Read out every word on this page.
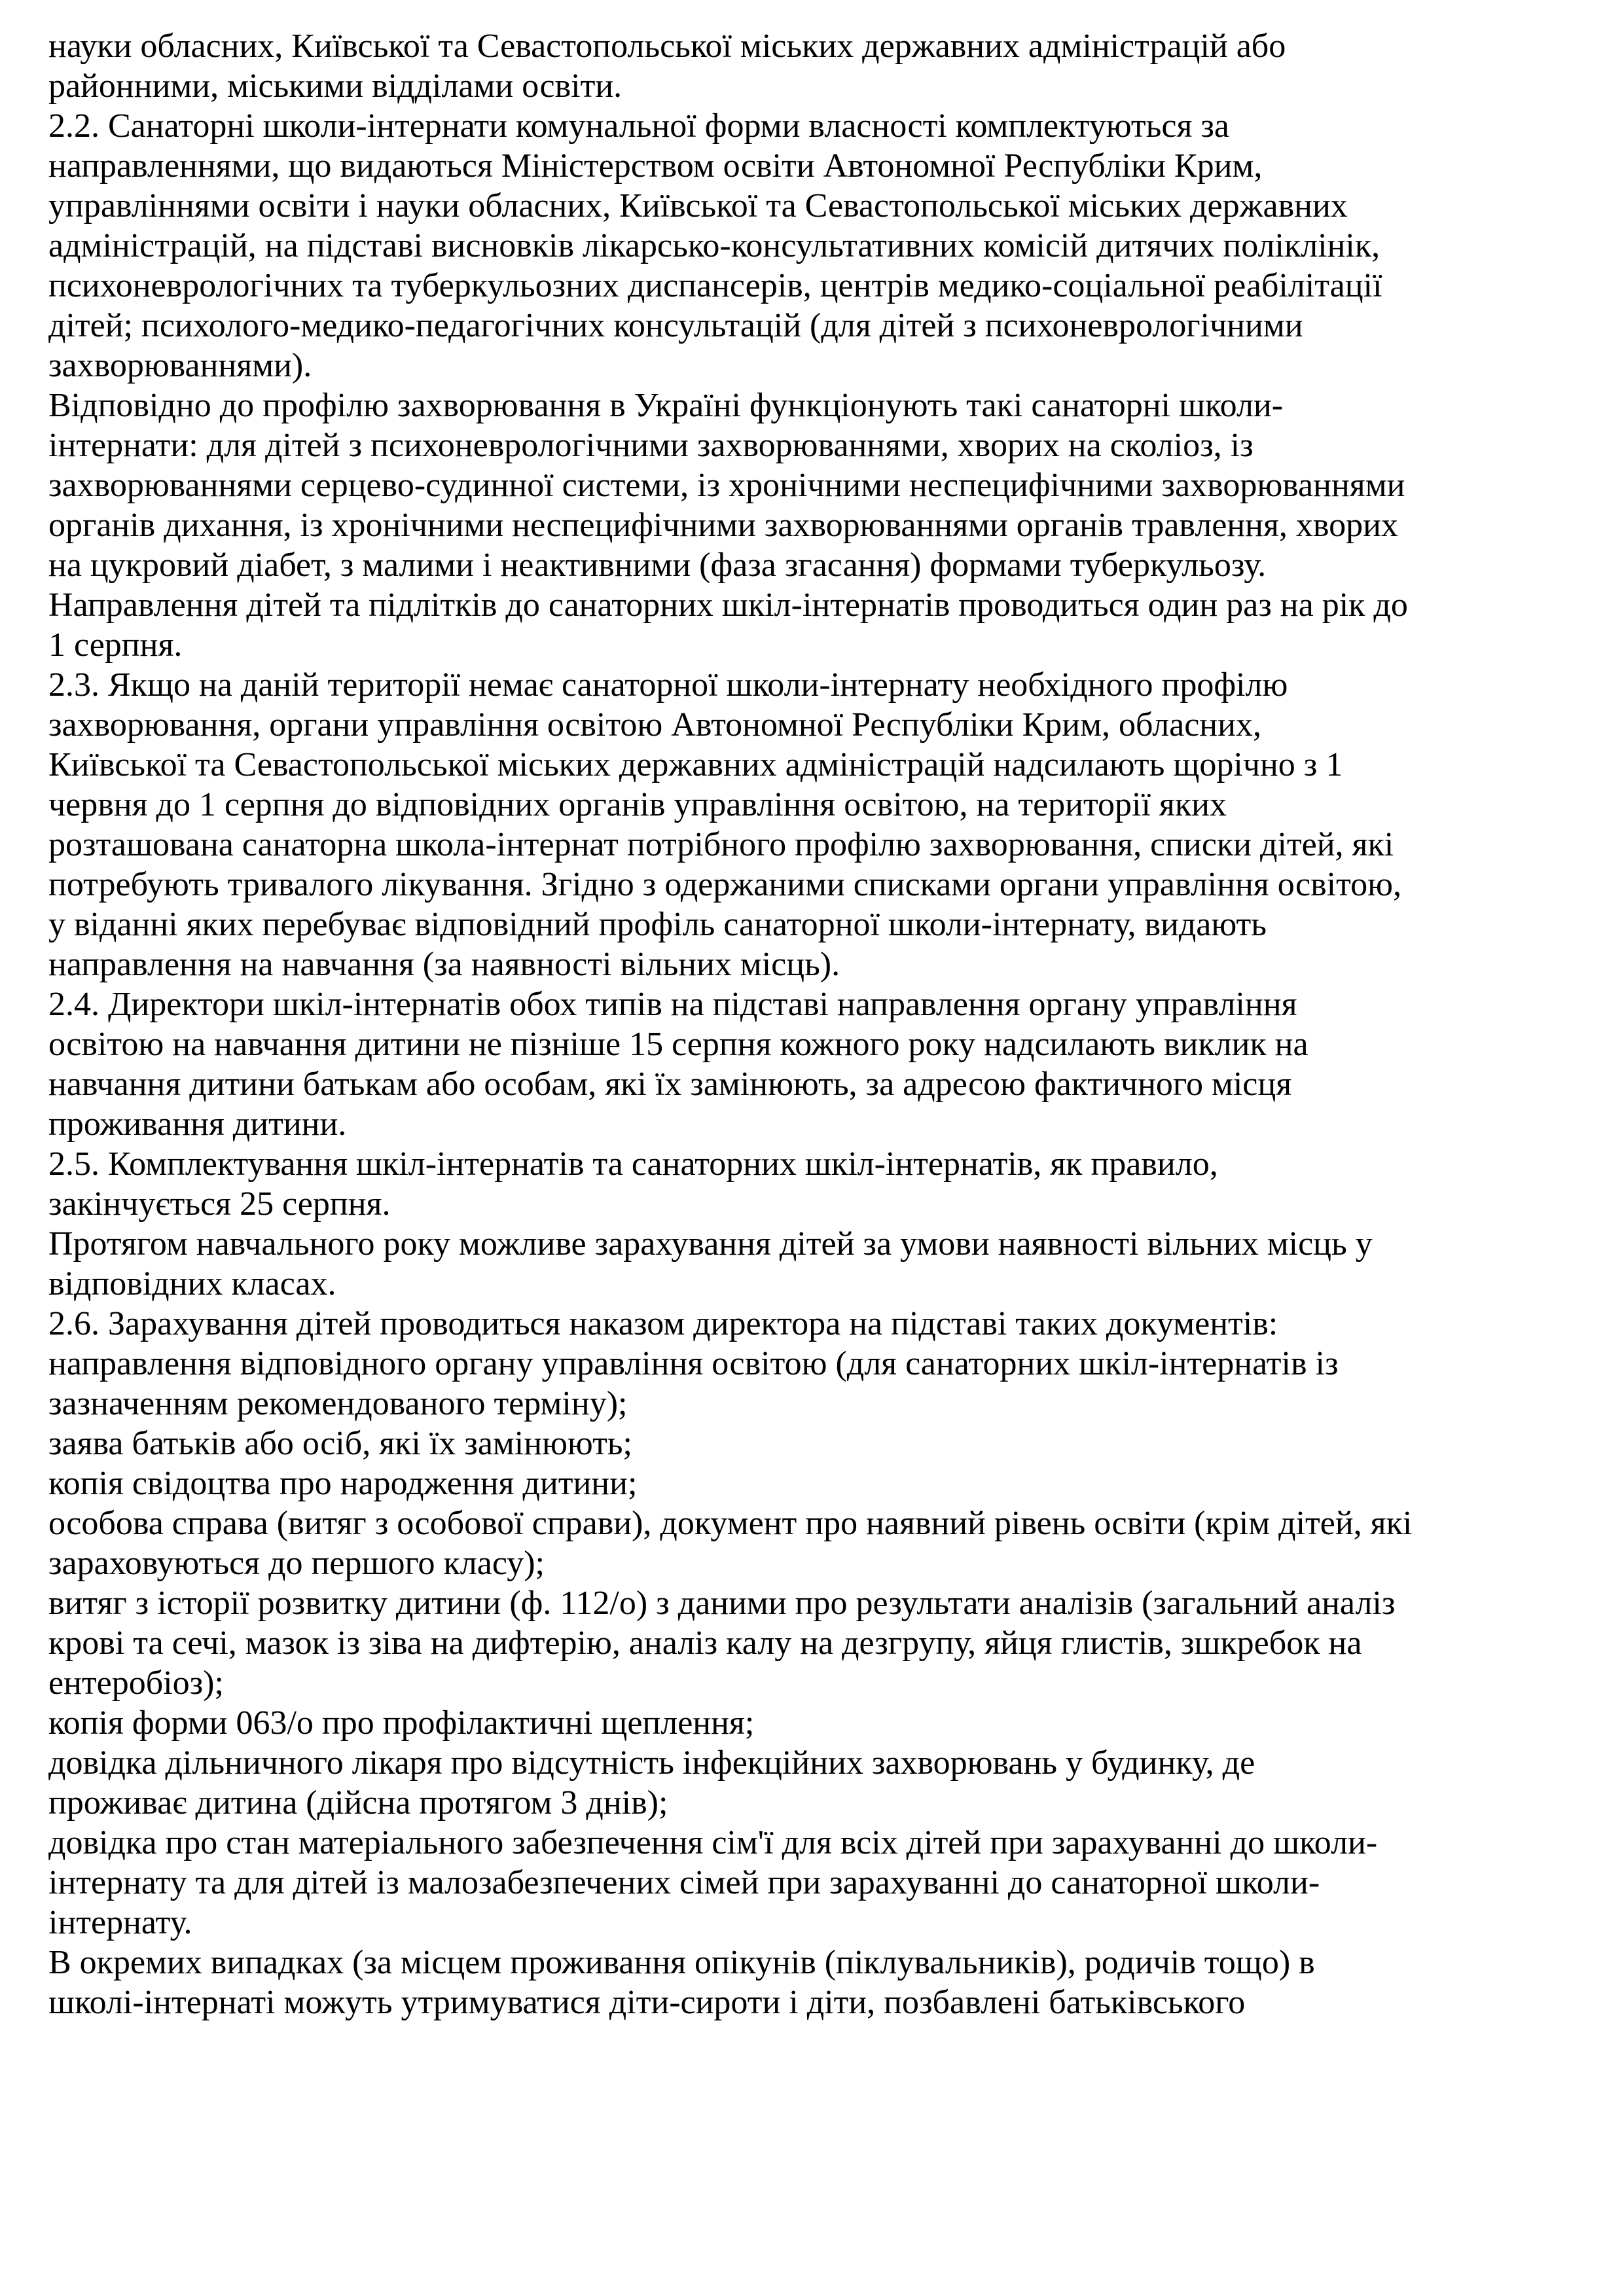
науки обласних, Київської та Севастопольської міських державних адміністрацій або
районними, міськими відділами освіти.
2.2. Санаторні школи-інтернати комунальної форми власності комплектуються за
направленнями, що видаються Міністерством освіти Автономної Республіки Крим,
управліннями освіти і науки обласних, Київської та Севастопольської міських державних
адміністрацій, на підставі висновків лікарсько-консультативних комісій дитячих поліклінік,
психоневрологічних та туберкульозних диспансерів, центрів медико-соціальної реабілітації
дітей; психолого-медико-педагогічних консультацій (для дітей з психоневрологічними
захворюваннями).
Відповідно до профілю захворювання в Україні функціонують такі санаторні школи-
інтернати: для дітей з психоневрологічними захворюваннями, хворих на сколіоз, із
захворюваннями серцево-судинної системи, із хронічними неспецифічними захворюваннями
органів дихання, із хронічними неспецифічними захворюваннями органів травлення, хворих
на цукровий діабет, з малими і неактивними (фаза згасання) формами туберкульозу.
Направлення дітей та підлітків до санаторних шкіл-інтернатів проводиться один раз на рік до
1 серпня.
2.3. Якщо на даній території немає санаторної школи-інтернату необхідного профілю
захворювання, органи управління освітою Автономної Республіки Крим, обласних,
Київської та Севастопольської міських державних адміністрацій надсилають щорічно з 1
червня до 1 серпня до відповідних органів управління освітою, на території яких
розташована санаторна школа-інтернат потрібного профілю захворювання, списки дітей, які
потребують тривалого лікування. Згідно з одержаними списками органи управління освітою,
у віданні яких перебуває відповідний профіль санаторної школи-інтернату, видають
направлення на навчання (за наявності вільних місць).
2.4. Директори шкіл-інтернатів обох типів на підставі направлення органу управління
освітою на навчання дитини не пізніше 15 серпня кожного року надсилають виклик на
навчання дитини батькам або особам, які їх замінюють, за адресою фактичного місця
проживання дитини.
2.5. Комплектування шкіл-інтернатів та санаторних шкіл-інтернатів, як правило,
закінчується 25 серпня.
Протягом навчального року можливе зарахування дітей за умови наявності вільних місць у
відповідних класах.
2.6. Зарахування дітей проводиться наказом директора на підставі таких документів:
направлення відповідного органу управління освітою (для санаторних шкіл-інтернатів із
зазначенням рекомендованого терміну);
заява батьків або осіб, які їх замінюють;
копія свідоцтва про народження дитини;
особова справа (витяг з особової справи), документ про наявний рівень освіти (крім дітей, які
зараховуються до першого класу);
витяг з історії розвитку дитини (ф. 112/о) з даними про результати аналізів (загальний аналіз
крові та сечі, мазок із зіва на дифтерію, аналіз калу на дезгрупу, яйця глистів, зшкребок на
ентеробіоз);
копія форми 063/о про профілактичні щеплення;
довідка дільничного лікаря про відсутність інфекційних захворювань у будинку, де
проживає дитина (дійсна протягом 3 днів);
довідка про стан матеріального забезпечення сім'ї для всіх дітей при зарахуванні до школи-
інтернату та для дітей із малозабезпечених сімей при зарахуванні до санаторної школи-
інтернату.
В окремих випадках (за місцем проживання опікунів (піклувальників), родичів тощо) в
школі-інтернаті можуть утримуватися діти-сироти і діти, позбавлені батьківського
